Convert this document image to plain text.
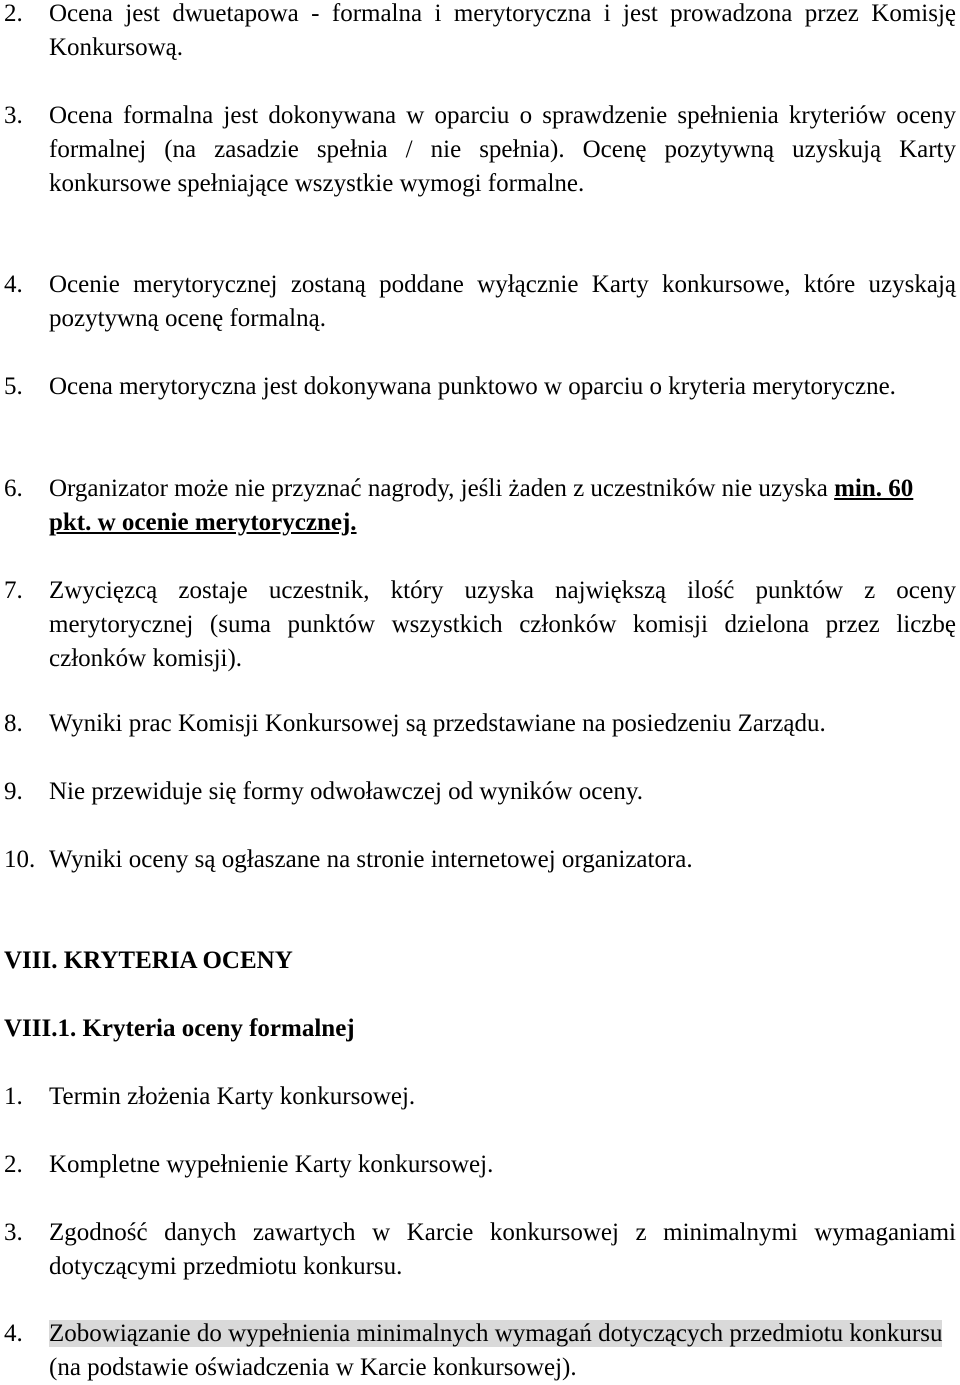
2.	Ocena jest dwuetapowa - formalna i merytoryczna i jest prowadzona przez Komisję Konkursową.
3.	Ocena formalna jest dokonywana w oparciu o sprawdzenie spełnienia kryteriów oceny formalnej (na zasadzie spełnia / nie spełnia). Ocenę pozytywną uzyskują Karty konkursowe spełniające wszystkie wymogi formalne.
4.	Ocenie merytorycznej zostaną poddane wyłącznie Karty konkursowe, które uzyskają pozytywną ocenę formalną.
5.	Ocena merytoryczna jest dokonywana punktowo w oparciu o kryteria merytoryczne.
6.	Organizator może nie przyznać nagrody, jeśli żaden z uczestników nie uzyska min. 60 pkt. w ocenie merytorycznej.
7.	Zwycięzcą zostaje uczestnik, który uzyska największą ilość punktów z oceny merytorycznej (suma punktów wszystkich członków komisji dzielona przez liczbę członków komisji).
8.	Wyniki prac Komisji Konkursowej są przedstawiane na posiedzeniu Zarządu.
9.	Nie przewiduje się formy odwoławczej od wyników oceny.
10. Wyniki oceny są ogłaszane na stronie internetowej organizatora.
VIII. KRYTERIA OCENY
VIII.1. Kryteria oceny formalnej
1.	Termin złożenia Karty konkursowej.
2.	Kompletne wypełnienie Karty konkursowej.
3.	Zgodność danych zawartych w Karcie konkursowej z minimalnymi wymaganiami dotyczącymi przedmiotu konkursu.
4.	Zobowiązanie do wypełnienia minimalnych wymagań dotyczących przedmiotu konkursu (na podstawie oświadczenia w Karcie konkursowej).
